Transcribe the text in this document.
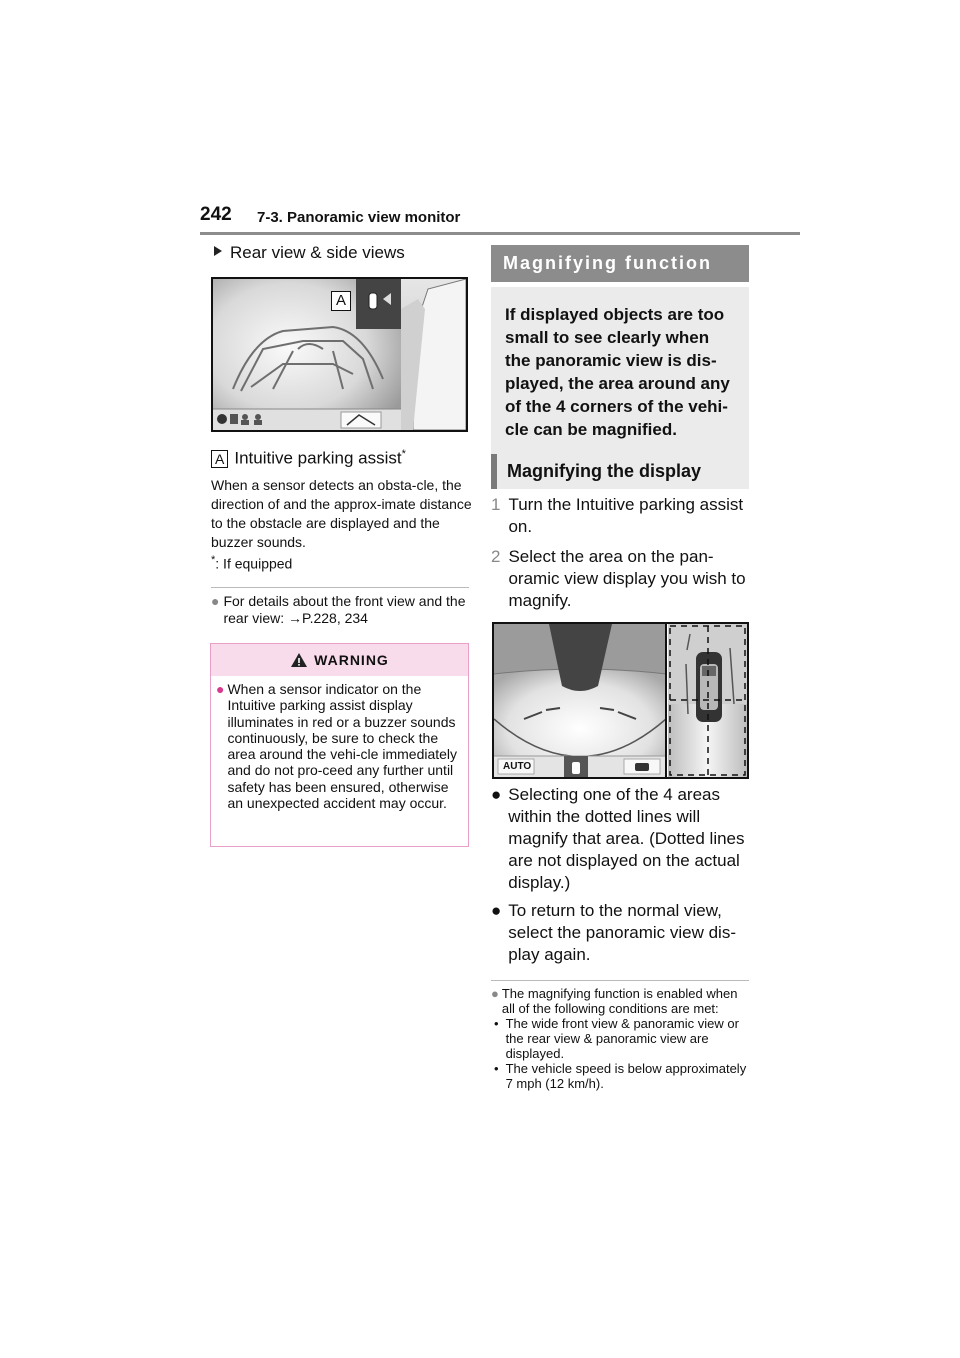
242 7-3. Panoramic view monitor
Rear view & side views
A
A Intuitive parking assist*
When a sensor detects an obsta-cle, the direction of and the approx-imate distance to the obstacle are displayed and the buzzer sounds.
*: If equipped
● For details about the front view and the rear view: →P.228, 234
WARNING
● When a sensor indicator on the Intuitive parking assist display illuminates in red or a buzzer sounds continuously, be sure to check the area around the vehi-cle immediately and do not pro-ceed any further until safety has been ensured, otherwise an unexpected accident may occur.
Magnifying function
If displayed objects are too small to see clearly when the panoramic view is dis-played, the area around any of the 4 corners of the vehi-cle can be magnified.
Magnifying the display
1 Turn the Intuitive parking assist on.
2 Select the area on the pan-oramic view display you wish to magnify.
AUTO
● Selecting one of the 4 areas within the dotted lines will magnify that area. (Dotted lines are not displayed on the actual display.)
● To return to the normal view, select the panoramic view dis-play again.
● The magnifying function is enabled when all of the following conditions are met:
• The wide front view & panoramic view or the rear view & panoramic view are displayed.
• The vehicle speed is below approximately 7 mph (12 km/h).
